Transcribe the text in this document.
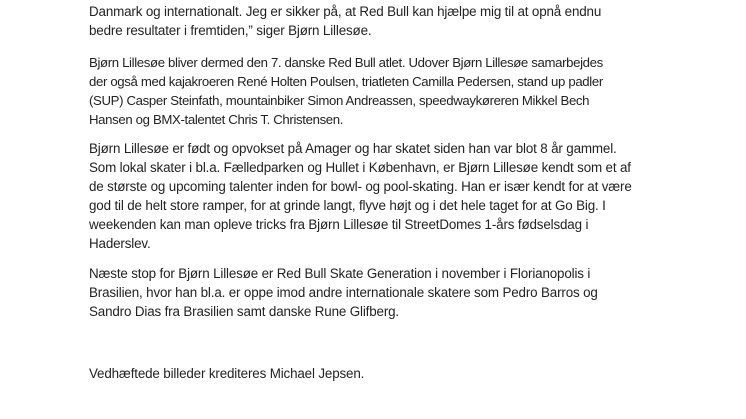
Danmark og internationalt. Jeg er sikker på, at Red Bull kan hjælpe mig til at opnå endnu
bedre resultater i fremtiden,” siger Bjørn Lillesøe.

Bjørn Lillesøe bliver dermed den 7. danske Red Bull atlet. Udover Bjørn Lillesøe samarbejdes
der også med kajakroeren René Holten Poulsen, triatleten Camilla Pedersen, stand up padler
(SUP) Casper Steinfath, mountainbiker Simon Andreassen, speedwaykøreren Mikkel Bech
Hansen og BMX-talentet Chris T. Christensen.

Bjørn Lillesøe er født og opvokset på Amager og har skatet siden han var blot 8 år gammel.
Som lokal skater i bl.a. Fælledparken og Hullet i København, er Bjørn Lillesøe kendt som et af
de største og upcoming talenter inden for bowl- og pool-skating. Han er især kendt for at være
god til de helt store ramper, for at grinde langt, flyve højt og i det hele taget for at Go Big. I
weekenden kan man opleve tricks fra Bjørn Lillesøe til StreetDomes 1-års fødselsdag i
Haderslev.

Næste stop for Bjørn Lillesøe er Red Bull Skate Generation i november i Florianopolis i
Brasilien, hvor han bl.a. er oppe imod andre internationale skatere som Pedro Barros og
Sandro Dias fra Brasilien samt danske Rune Glifberg.

Vedhæftede billeder krediteres Michael Jepsen.
